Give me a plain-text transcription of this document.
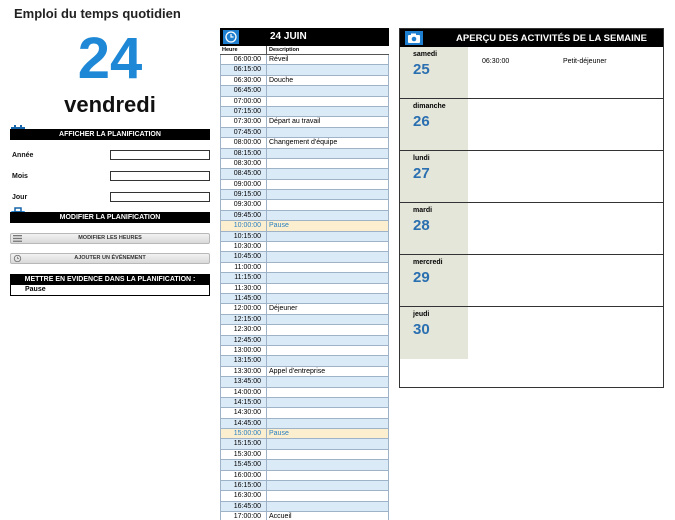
Emploi du temps quotidien
24
vendredi
AFFICHER LA PLANIFICATION
Année
Mois
Jour
MODIFIER LA PLANIFICATION
MODIFIER LES HEURES
AJOUTER UN ÉVÉNEMENT
METTRE EN EVIDENCE DANS LA PLANIFICATION :
Pause
24 JUIN
Heure	Description
06:00:00	Réveil
06:15:00
06:30:00	Douche
06:45:00
07:00:00
07:15:00
07:30:00	Départ au travail
07:45:00
08:00:00	Changement d'équipe
08:15:00
08:30:00
08:45:00
09:00:00
09:15:00
09:30:00
09:45:00
10:00:00	Pause
10:15:00
10:30:00
10:45:00
11:00:00
11:15:00
11:30:00
11:45:00
12:00:00	Déjeuner
12:15:00
12:30:00
12:45:00
13:00:00
13:15:00
13:30:00	Appel d'entreprise
13:45:00
14:00:00
14:15:00
14:30:00
14:45:00
15:00:00	Pause
15:15:00
15:30:00
15:45:00
16:00:00
16:15:00
16:30:00
16:45:00
17:00:00	Accueil
APERÇU DES ACTIVITÉS DE LA SEMAINE
samedi
25	06:30:00	Petit-déjeuner
dimanche
26
lundi
27
mardi
28
mercredi
29
jeudi
30
